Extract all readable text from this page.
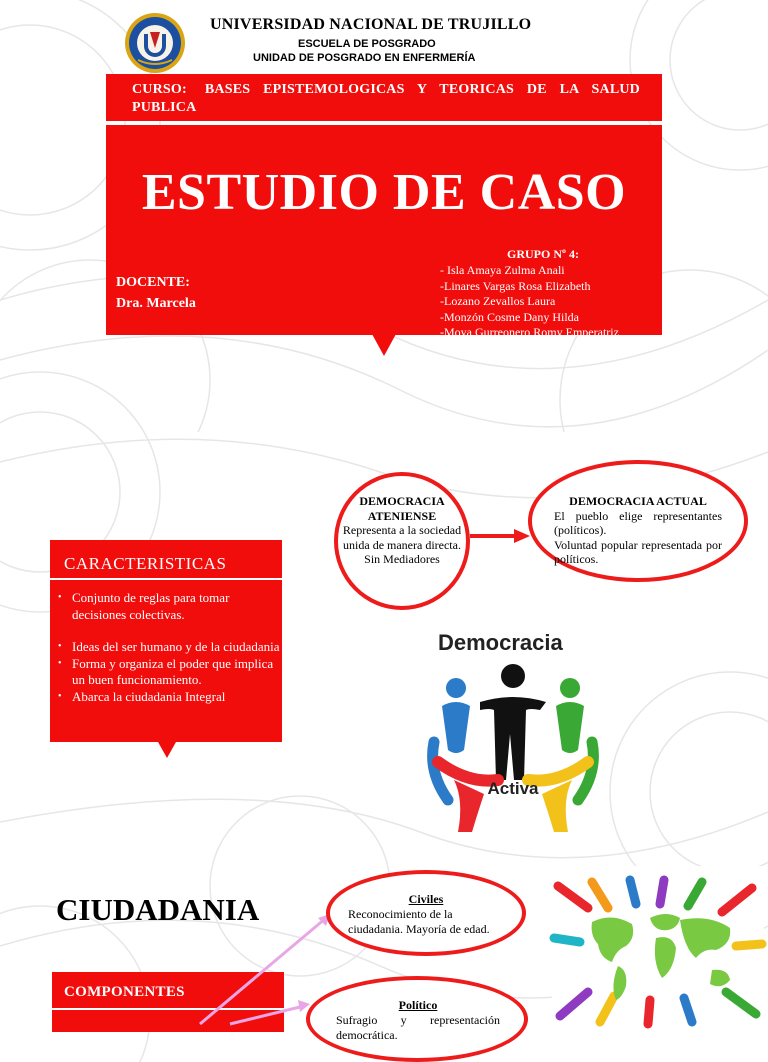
UNIVERSIDAD NACIONAL DE TRUJILLO
ESCUELA DE POSGRADO
UNIDAD DE POSGRADO EN ENFERMERÍA
CURSO: BASES EPISTEMOLOGICAS Y TEORICAS DE LA SALUD PUBLICA
ESTUDIO DE CASO
DOCENTE:
Dra. Marcela
GRUPO Nº 4:
- Isla Amaya Zulma Anali
-Linares Vargas Rosa Elizabeth
-Lozano Zevallos Laura
-Monzón Cosme Dany Hilda
-Moya Gurreonero Romy Emperatriz
CARACTERISTICAS
• Conjunto de reglas para tomar decisiones colectivas.
• Ideas del ser humano y de la ciudadania
• Forma y organiza el poder que implica un buen funcionamiento.
• Abarca la ciudadania Integral
DEMOCRACIA ATENIENSE
Representa a la sociedad unida de manera directa. Sin Mediadores
DEMOCRACIA ACTUAL
El pueblo elige representantes (políticos).
Voluntad popular representada por políticos.
Democracia
Activa
CIUDADANIA
COMPONENTES
Civiles
Reconocimiento de la ciudadania. Mayoría de edad.
Político
Sufragio y representación democrática.
